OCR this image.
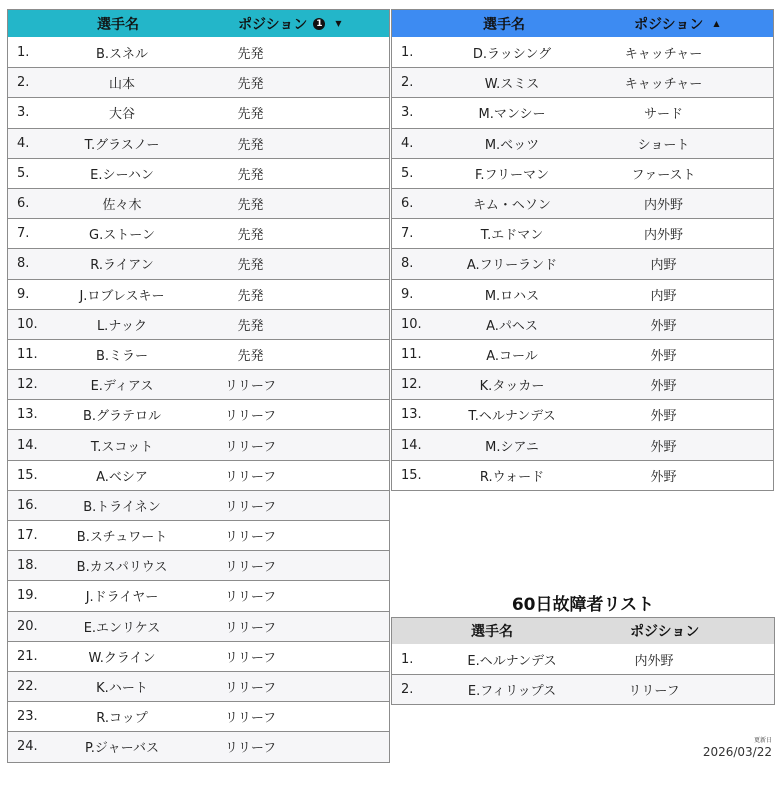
選手名	ポジション 1	▼
1.	B.スネル	先発
2.	山本	先発
3.	大谷	先発
4.	T.グラスノー	先発
5.	E.シーハン	先発
6.	佐々木	先発
7.	G.ストーン	先発
8.	R.ライアン	先発
9.	J.ロブレスキー	先発
10.	L.ナック	先発
11.	B.ミラー	先発
12.	E.ディアス	リリーフ
13.	B.グラテロル	リリーフ
14.	T.スコット	リリーフ
15.	A.ベシア	リリーフ
16.	B.トライネン	リリーフ
17.	B.スチュワート	リリーフ
18.	B.カスパリウス	リリーフ
19.	J.ドライヤー	リリーフ
20.	E.エンリケス	リリーフ
21.	W.クライン	リリーフ
22.	K.ハート	リリーフ
23.	R.コップ	リリーフ
24.	P.ジャーバス	リリーフ
選手名	ポジション ▲
1.	D.ラッシング	キャッチャー
2.	W.スミス	キャッチャー
3.	M.マンシー	サード
4.	M.ベッツ	ショート
5.	F.フリーマン	ファースト
6.	キム・ヘソン	内外野
7.	T.エドマン	内外野
8.	A.フリーランド	内野
9.	M.ロハス	内野
10.	A.パヘス	外野
11.	A.コール	外野
12.	K.タッカー	外野
13.	T.ヘルナンデス	外野
14.	M.シアニ	外野
15.	R.ウォード	外野
60日故障者リスト
選手名	ポジション
1.	E.ヘルナンデス	内外野
2.	E.フィリップス	リリーフ
更新日
2026/03/22
